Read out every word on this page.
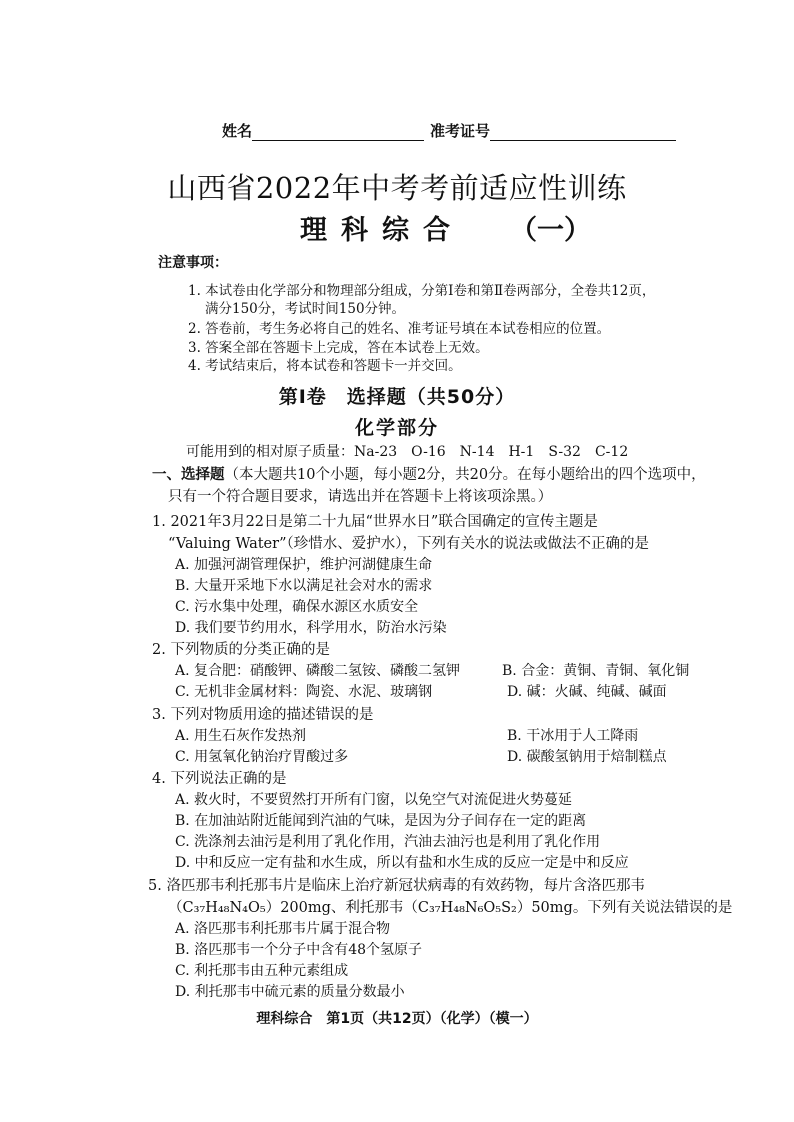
姓名	准考证号
山西省2022年中考考前适应性训练
理科综合 （一）
注意事项：
1. 本试卷由化学部分和物理部分组成，分第Ⅰ卷和第Ⅱ卷两部分，全卷共12页，
满分150分，考试时间150分钟。
2. 答卷前，考生务必将自己的姓名、准考证号填在本试卷相应的位置。
3. 答案全部在答题卡上完成，答在本试卷上无效。
4. 考试结束后，将本试卷和答题卡一并交回。
第Ⅰ卷　选择题（共50分）
化学部分
可能用到的相对原子质量：Na-23　O-16　N-14　H-1　S-32　C-12
一、选择题（本大题共10个小题，每小题2分，共20分。在每小题给出的四个选项中，
只有一个符合题目要求，请选出并在答题卡上将该项涂黑。）
1. 2021年3月22日是第二十九届“世界水日”联合国确定的宣传主题是
“Valuing Water”（珍惜水、爱护水），下列有关水的说法或做法不正确的是
A. 加强河湖管理保护，维护河湖健康生命
B. 大量开采地下水以满足社会对水的需求
C. 污水集中处理，确保水源区水质安全
D. 我们要节约用水，科学用水，防治水污染
2. 下列物质的分类正确的是
A. 复合肥：硝酸钾、磷酸二氢铵、磷酸二氢钾	B. 合金：黄铜、青铜、氧化铜
C. 无机非金属材料：陶瓷、水泥、玻璃钢	D. 碱：火碱、纯碱、碱面
3. 下列对物质用途的描述错误的是
A. 用生石灰作发热剂	B. 干冰用于人工降雨
C. 用氢氧化钠治疗胃酸过多	D. 碳酸氢钠用于焙制糕点
4. 下列说法正确的是
A. 救火时，不要贸然打开所有门窗，以免空气对流促进火势蔓延
B. 在加油站附近能闻到汽油的气味，是因为分子间存在一定的距离
C. 洗涤剂去油污是利用了乳化作用，汽油去油污也是利用了乳化作用
D. 中和反应一定有盐和水生成，所以有盐和水生成的反应一定是中和反应
5. 洛匹那韦利托那韦片是临床上治疗新冠状病毒的有效药物，每片含洛匹那韦
（C₃₇H₄₈N₄O₅）200mg、利托那韦（C₃₇H₄₈N₆O₅S₂）50mg。下列有关说法错误的是
A. 洛匹那韦利托那韦片属于混合物
B. 洛匹那韦一个分子中含有48个氢原子
C. 利托那韦由五种元素组成
D. 利托那韦中硫元素的质量分数最小
理科综合　第1页（共12页）（化学）（模一）
